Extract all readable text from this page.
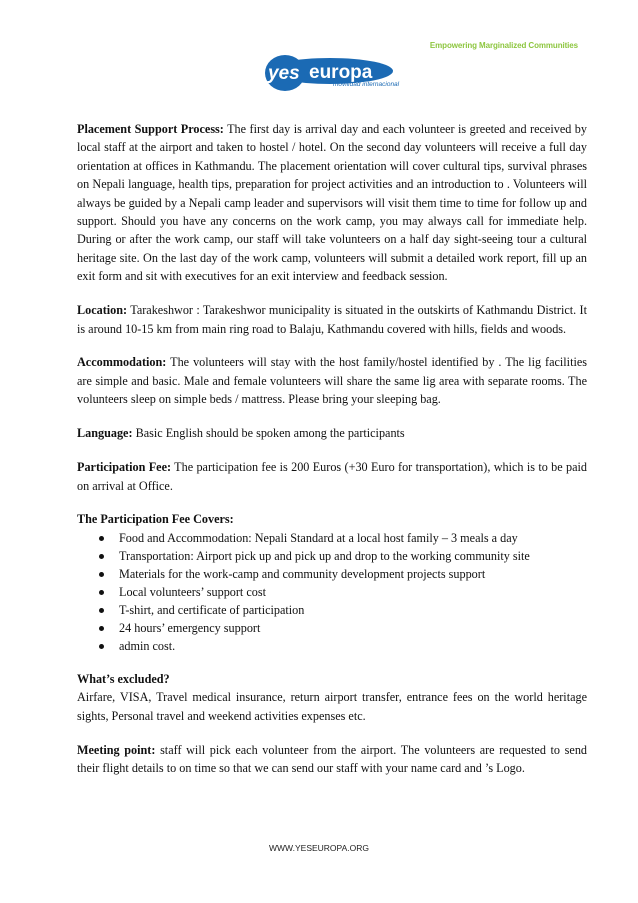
Empowering Marginalized Communities
yes europa
movilidad internacional

Placement Support Process: The first day is arrival day and each volunteer is greeted and received by local staff at the airport and taken to hostel / hotel. On the second day volunteers will receive a full day orientation at offices in Kathmandu. The placement orientation will cover cultural tips, survival phrases on Nepali language, health tips, preparation for project activities and an introduction to . Volunteers will always be guided by a Nepali camp leader and supervisors will visit them time to time for follow up and support. Should you have any concerns on the work camp, you may always call for immediate help. During or after the work camp, our staff will take volunteers on a half day sight-seeing tour a cultural heritage site. On the last day of the work camp, volunteers will submit a detailed work report, fill up an exit form and sit with executives for an exit interview and feedback session.

Location: Tarakeshwor : Tarakeshwor municipality is situated in the outskirts of Kathmandu District. It is around 10-15 km from main ring road to Balaju, Kathmandu covered with hills, fields and woods.

Accommodation: The volunteers will stay with the host family/hostel identified by . The lig facilities are simple and basic. Male and female volunteers will share the same lig area with separate rooms. The volunteers sleep on simple beds / mattress. Please bring your sleeping bag.

Language: Basic English should be spoken among the participants

Participation Fee: The participation fee is 200 Euros (+30 Euro for transportation), which is to be paid on arrival at Office.

The Participation Fee Covers:

Food and Accommodation: Nepali Standard at a local host family – 3 meals a day
Transportation: Airport pick up and pick up and drop to the working community site
Materials for the work-camp and community development projects support
Local volunteers’ support cost
T-shirt, and certificate of participation
24 hours’ emergency support
admin cost.

What’s excluded?

Airfare, VISA, Travel medical insurance, return airport transfer, entrance fees on the world heritage sights, Personal travel and weekend activities expenses etc.

Meeting point: staff will pick each volunteer from the airport. The volunteers are requested to send their flight details to on time so that we can send our staff with your name card and ’s Logo.

WWW.YESEUROPA.ORG
